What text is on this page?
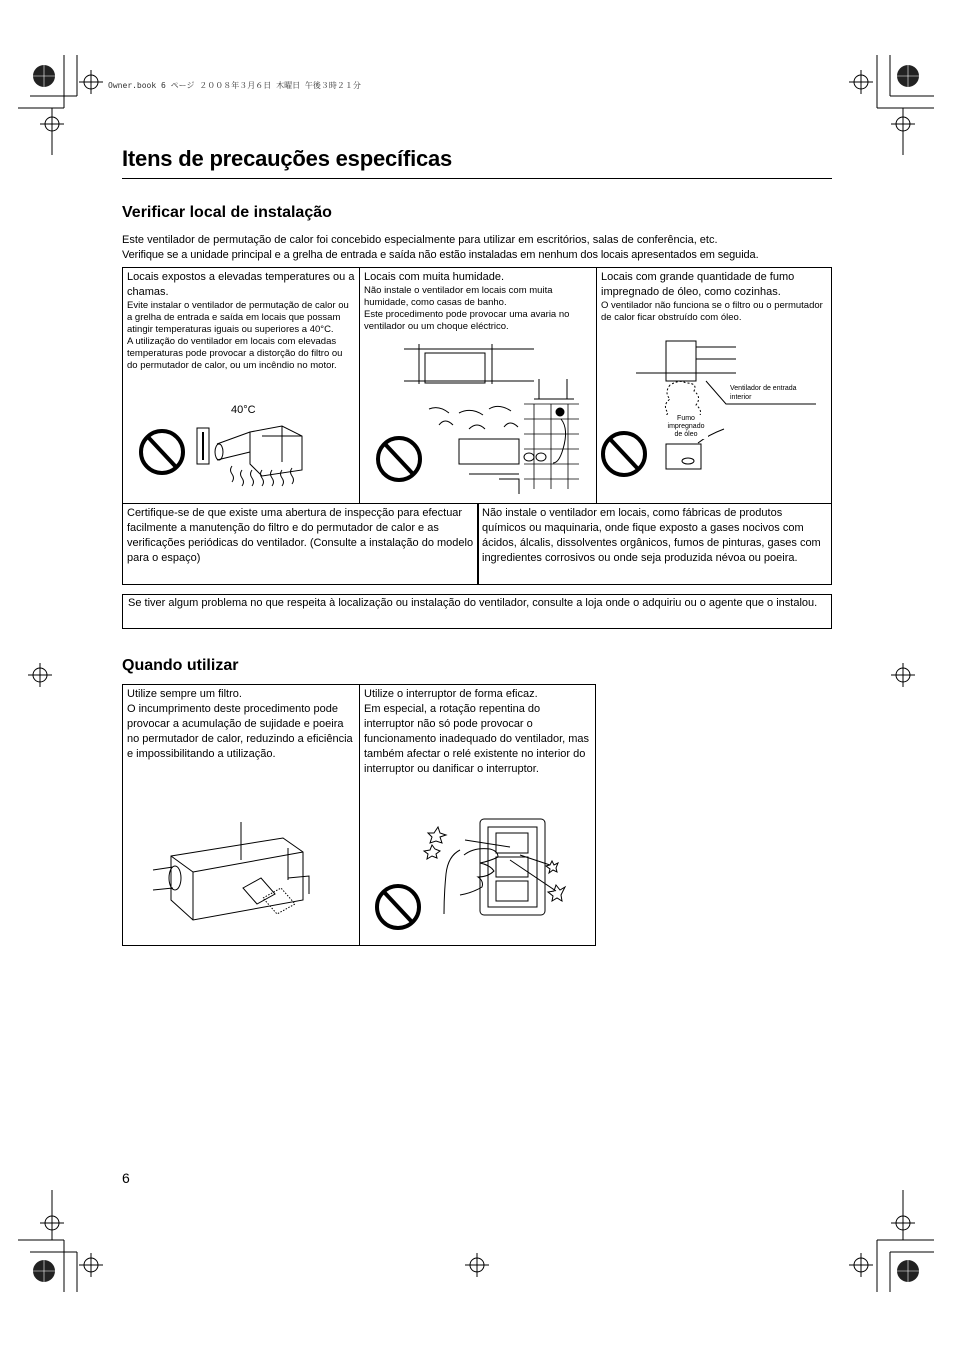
Owner.book 6 ページ ２００８年３月６日 木曜日 午後３時２１分
Itens de precauções específicas
Verificar local de instalação
Este ventilador de permutação de calor foi concebido especialmente para utilizar em escritórios, salas de conferência, etc.
Verifique se a unidade principal e a grelha de entrada e saída não estão instaladas em nenhum dos locais apresentados em seguida.

Locais expostos a elevadas temperatures ou a chamas.

Evite instalar o ventilador de permutação de calor ou a grelha de entrada e saída em locais que possam atingir temperaturas iguais ou superiores a 40°C.

A utilização do ventilador em locais com elevadas temperaturas pode provocar a distorção do filtro ou do permutador de calor, ou um incêndio no motor.

Locais com muita humidade.

Não instale o ventilador em locais com muita humidade, como casas de banho.

Este procedimento pode provocar uma avaria no ventilador ou um choque eléctrico.

Locais com grande quantidade de fumo impregnado de óleo, como cozinhas.

O ventilador não funciona se o filtro ou o permutador de calor ficar obstruído com óleo.

40°C
Ventilador de entrada interior
Fumo impregnado de óleo

Certifique-se de que existe uma abertura de inspecção para efectuar facilmente a manutenção do filtro e do permutador de calor e as verificações periódicas do ventilador. (Consulte a instalação do modelo para o espaço)

Não instale o ventilador em locais, como fábricas de produtos químicos ou maquinaria, onde fique exposto a gases nocivos com ácidos, álcalis, dissolventes orgânicos, fumos de pinturas, gases com ingredientes corrosivos ou onde seja produzida névoa ou poeira.

Se tiver algum problema no que respeita à localização ou instalação do ventilador, consulte a loja onde o adquiriu ou o agente que o instalou.

Quando utilizar

Utilize sempre um filtro.

O incumprimento deste procedimento pode provocar a acumulação de sujidade e poeira no permutador de calor, reduzindo a eficiência e impossibilitando a utilização.

Utilize o interruptor de forma eficaz.

Em especial, a rotação repentina do interruptor não só pode provocar o funcionamento inadequado do ventilador, mas também afectar o relé existente no interior do interruptor ou danificar o interruptor.

6
